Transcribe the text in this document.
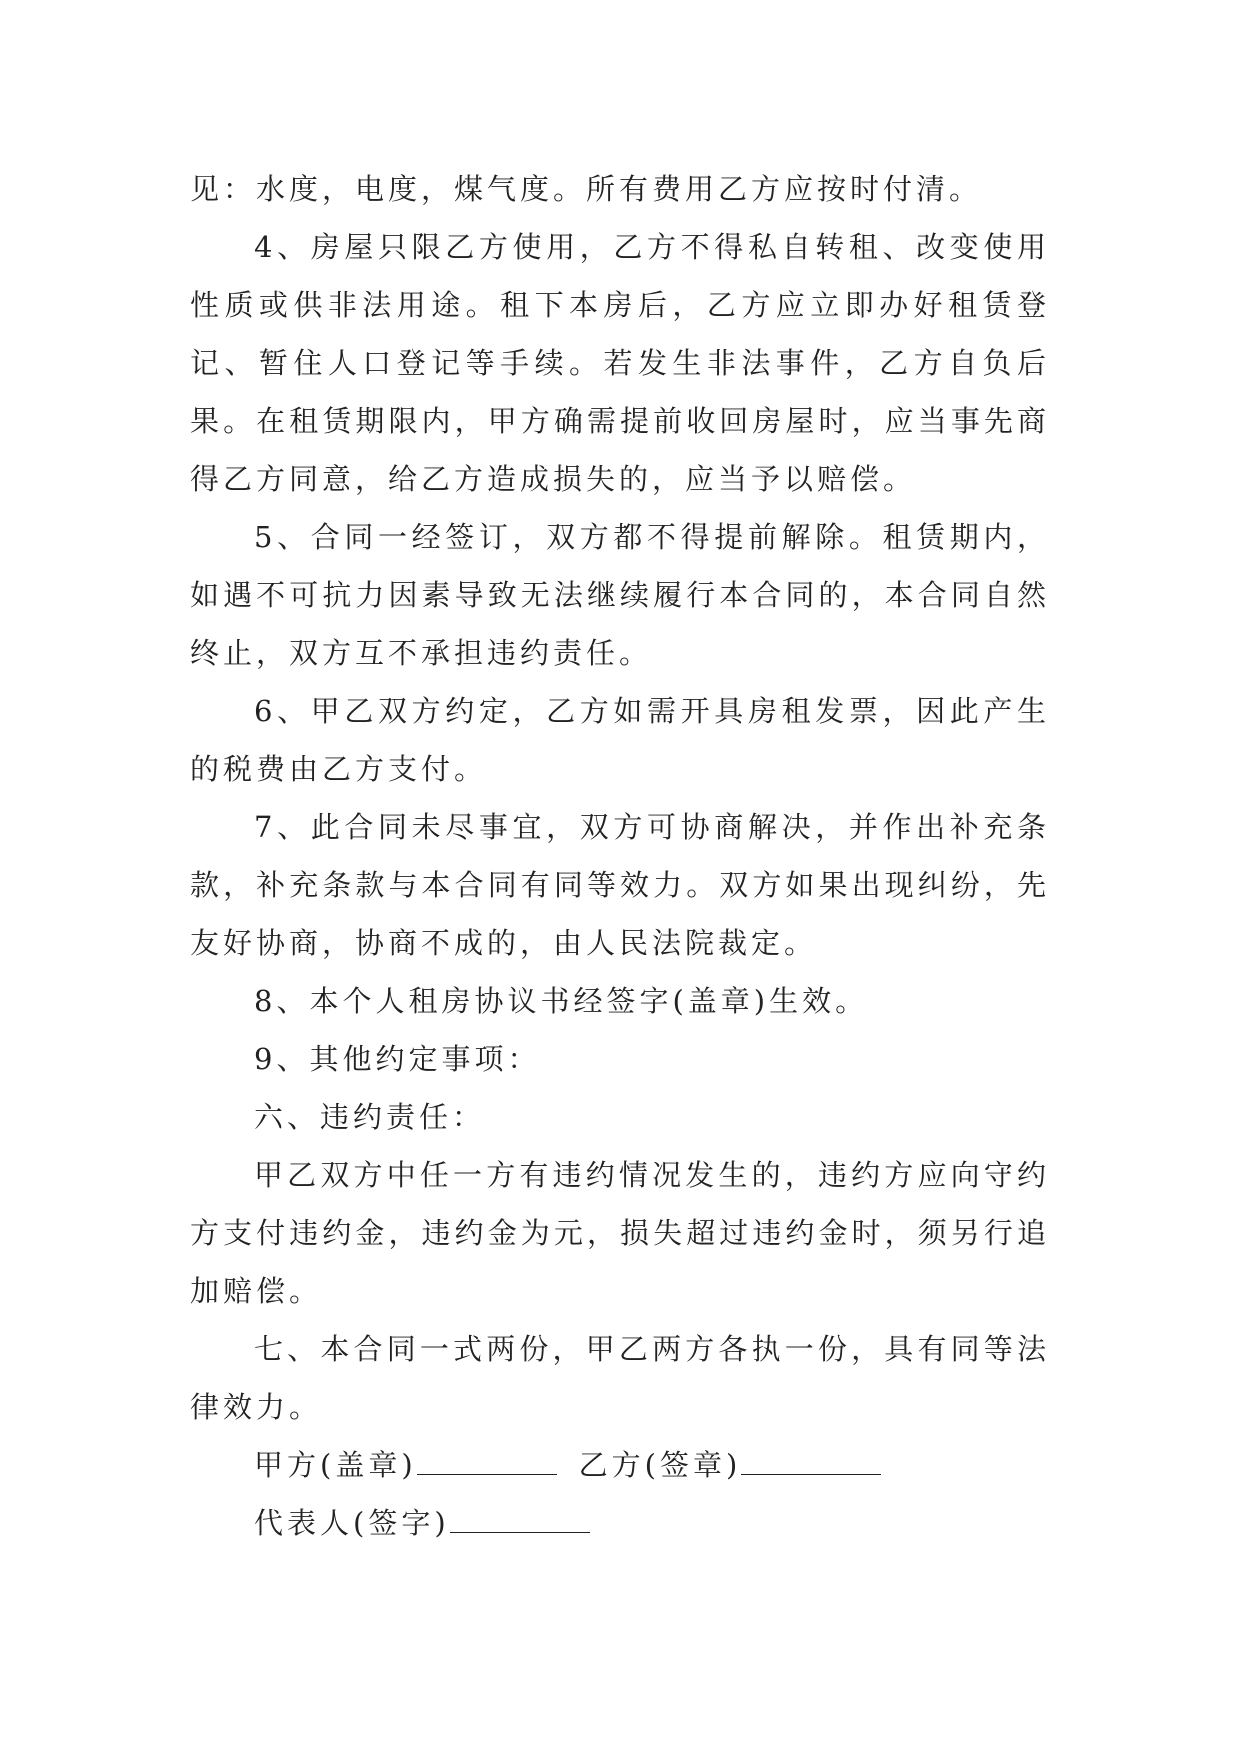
见：水度，电度，煤气度。所有费用乙方应按时付清。

4、房屋只限乙方使用，乙方不得私自转租、改变使用性质或供非法用途。租下本房后，乙方应立即办好租赁登记、暂住人口登记等手续。若发生非法事件，乙方自负后果。在租赁期限内，甲方确需提前收回房屋时，应当事先商得乙方同意，给乙方造成损失的，应当予以赔偿。

5、合同一经签订，双方都不得提前解除。租赁期内，如遇不可抗力因素导致无法继续履行本合同的，本合同自然终止，双方互不承担违约责任。

6、甲乙双方约定，乙方如需开具房租发票，因此产生的税费由乙方支付。

7、此合同未尽事宜，双方可协商解决，并作出补充条款，补充条款与本合同有同等效力。双方如果出现纠纷，先友好协商，协商不成的，由人民法院裁定。

8、本个人租房协议书经签字(盖章)生效。

9、其他约定事项：

六、违约责任：

甲乙双方中任一方有违约情况发生的，违约方应向守约方支付违约金，违约金为元，损失超过违约金时，须另行追加赔偿。

七、本合同一式两份，甲乙两方各执一份，具有同等法律效力。

甲方(盖章)	乙方(签章)
代表人(签字)
